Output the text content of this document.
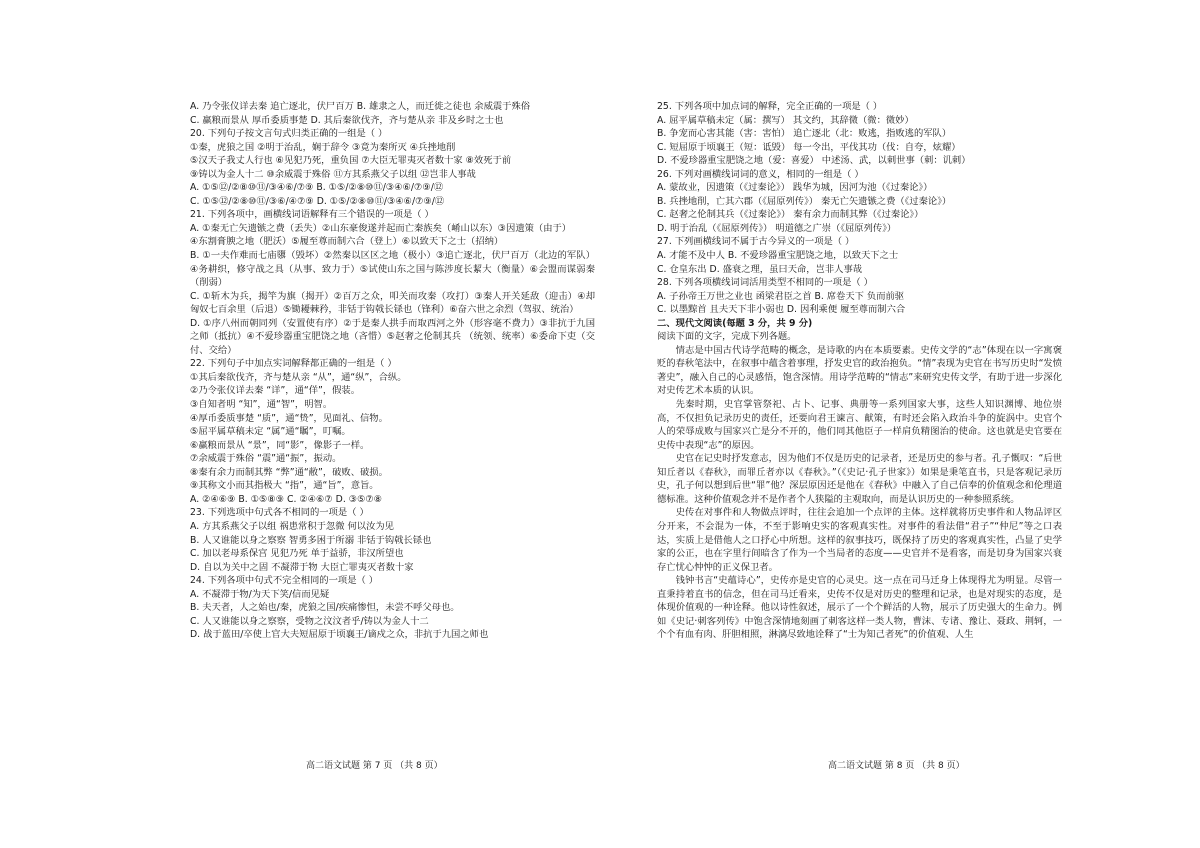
A. 乃令张仪详去秦 追亡逐北，伏尸百万 B. 雄隶之人，而迁徙之徒也 余威震于殊俗
C. 赢粮而景从 厚币委质事楚 D. 其后秦欲伐齐，齐与楚从亲 非及乡时之士也
20. 下列句子按文言句式归类正确的一组是（ ）
①秦，虎狼之国 ②明于治乱，娴于辞令 ③竟为秦所灭 ④兵挫地削
⑤汉天子我丈人行也 ⑥见犯乃死，重负国 ⑦大臣无罪夷灭者数十家 ⑧效死于前
⑨铸以为金人十二 ⑩余威震于殊俗 ⑪方其系燕父子以组 ⑫岂非人事哉
A. ①⑤⑫/②⑧⑩⑪/③④⑥/⑦⑨ B. ①⑤/②⑧⑩⑪/③④⑥/⑦⑨/⑫
C. ①⑤⑫/②⑧⑩⑪/③⑥/④⑦⑨ D. ①⑤/②⑧⑩⑪/③④⑥/⑦⑨/⑫
21. 下列各项中，画横线词语解释有三个错误的一项是（ ）
A. ①秦无亡矢遗镞之费（丢失）②山东豪俊遂并起而亡秦族矣（崤山以东）③因遗策（由于）
④东割膏腴之地（肥沃）⑤履至尊而制六合（登上）⑥以致天下之士（招纳）
B. ①一夫作难而七庙隳（毁坏）②然秦以区区之地（极小）③追亡逐北，伏尸百万（北边的军队）④务耕织，修守战之具（从事、致力于）⑤试使山东之国与陈涉度长絜大（衡量）⑥会盟而谋弱秦（削弱）
C. ①斩木为兵，揭竿为旗（揭开）②百万之众，叩关而攻秦（攻打）③秦人开关延敌（迎击）④却匈奴七百余里（后退）⑤锄耰棘矜，非铦于钩戟长铩也（锋利）⑥奋六世之余烈（驾驭、统治）
D. ①序八州而朝同列（安置使有序）②于是秦人拱手而取西河之外（形容毫不费力）③非抗于九国之师（抵抗）④不爱珍器重宝肥饶之地（吝惜）⑤赵奢之伦制其兵 （统领、统率）⑥委命下吏（交付、交给）
22. 下列句子中加点实词解释都正确的一组是（ ）
①其后秦欲伐齐，齐与楚从亲 “从”，通“纵”，合纵。
②乃令张仪详去秦 “详”，通“佯”，假装。
③自知者明 “知”，通“智”，明智。
④厚币委质事楚 “质”，通“贽”，见面礼、信物。
⑤屈平属草稿未定 “属”通“瞩”，叮嘱。
⑥赢粮而景从 “景”，同“影”，像影子一样。
⑦余威震于殊俗 “震”通“振”，振动。
⑧秦有余力而制其弊 “弊”通“敝”，破败、破损。
⑨其称文小而其指极大 “指”，通“旨”，意旨。
A. ②④⑥⑨ B. ①⑤⑧⑨ C. ②④⑥⑦ D. ③⑤⑦⑧
23. 下列选项中句式各不相同的一项是（ ）
A. 方其系燕父子以组 祸患常积于忽微 何以汝为见
B. 人又谁能以身之察察 智勇多困于所溺 非铦于钩戟长铩也
C. 加以老母系保宫 见犯乃死 单于益骄，非汉所望也
D. 自以为关中之固 不凝滞于物 大臣亡罪夷灭者数十家
24. 下列各项中句式不完全相同的一项是（ ）
A. 不凝滞于物/为天下笑/信而见疑
B. 夫天者，人之始也/秦，虎狼之国/疾痛惨怛，未尝不呼父母也。
C. 人又谁能以身之察察，受物之汶汶者乎/铸以为金人十二
D. 战于蓝田/卒使上官大夫短屈原于顷襄王/谪戍之众，非抗于九国之师也
25. 下列各项中加点词的解释，完全正确的一项是（ ）
A. 屈平属草稿未定（属：撰写） 其文约，其辞微（微：微妙）
B. 争宠而心害其能（害：害怕） 追亡逐北（北：败逃，指败逃的军队）
C. 短屈原于顷襄王（短：诋毁） 每一令出，平伐其功（伐：自夸，炫耀）
D. 不爱珍器重宝肥饶之地（爱：喜爱） 中述汤、武，以刺世事（刺：讥刺）
26. 下列对画横线词词的意义，相同的一组是（ ）
A. 蒙故业，因遗策（《过秦论》） 践华为城，因河为池（《过秦论》）
B. 兵挫地削，亡其六郡（《屈原列传》） 秦无亡矢遗镞之费（《过秦论》）
C. 赵奢之伦制其兵（《过秦论》） 秦有余力而制其弊（《过秦论》）
D. 明于治乱（《屈原列传》） 明道德之广崇（《屈原列传》）
27. 下列画横线词不属于古今异义的一项是（ ）
A. 才能不及中人 B. 不爱珍器重宝肥饶之地，以致天下之士
C. 仓皇东出 D. 盛衰之理，虽曰天命，岂非人事哉
28. 下列各项横线词词活用类型不相同的一项是（ ）
A. 子孙帝王万世之业也 函梁君臣之首 B. 席卷天下 负而前驱
C. 以墨黥首 且夫天下非小弱也 D. 因利乘便 履至尊而制六合
二、现代文阅读(每题 3 分，共 9 分)
阅读下面的文字，完成下列各题。
情志是中国古代诗学范畴的概念，是诗歌的内在本质要素。史传文学的“志”体现在以一字寓褒贬的春秋笔法中，在叙事中蕴含着事理，抒发史官的政治抱负。“情”表现为史官在书写历史时“发愤著史”，融入自己的心灵感悟，饱含深情。用诗学范畴的“情志”来研究史传文学，有助于进一步深化对史传艺术本质的认识。
先秦时期，史官掌管祭祀、占卜、记事、典册等一系列国家大事，这些人知识渊博、地位崇高，不仅担负记录历史的责任，还要向君王谏言、献策，有时还会陷入政治斗争的旋涡中。史官个人的荣辱成败与国家兴亡是分不开的，他们同其他臣子一样肩负精图治的使命。这也就是史官要在史传中表现“志”的原因。
史官在记史时抒发意志，因为他们不仅是历史的记录者，还是历史的参与者。孔子慨叹：“后世知丘者以《春秋》，而罪丘者亦以《春秋》。”（《史记·孔子世家》）如果是秉笔直书，只是客观记录历史，孔子何以想到后世“罪”他？深层原因还是他在《春秋》中融入了自己信奉的价值观念和伦理道德标准。这种价值观念并不是作者个人狭隘的主观取向，而是认识历史的一种参照系统。
史传在对事件和人物做点评时，往往会追加一个点评的主体。这样就将历史事件和人物品评区分开来，不会混为一体，不至于影响史实的客观真实性。对事件的看法借“君子”“仲尼”等之口表达，实质上是借他人之口抒心中所想。这样的叙事技巧，既保持了历史的客观真实性，凸显了史学家的公正，也在字里行间暗含了作为一个当局者的态度——史官并不是看客，而是切身为国家兴衰存亡忧心忡忡的正义保卫者。
钱钟书言“史蕴诗心”，史传亦是史官的心灵史。这一点在司马迁身上体现得尤为明显。尽管一直秉持着直书的信念，但在司马迁看来，史传不仅是对历史的整理和记录，也是对现实的态度，是体现价值观的一种诠释。他以诗性叙述，展示了一个个鲜活的人物，展示了历史强大的生命力。例如《史记·刺客列传》中饱含深情地刻画了刺客这样一类人物，曹沫、专诸、豫让、聂政、荆轲，一个个有血有肉、肝胆相照，淋漓尽致地诠释了“士为知己者死”的价值观、人生
高二语文试题 第 7 页 （共 8 页）	高二语文试题 第 8 页 （共 8 页）
